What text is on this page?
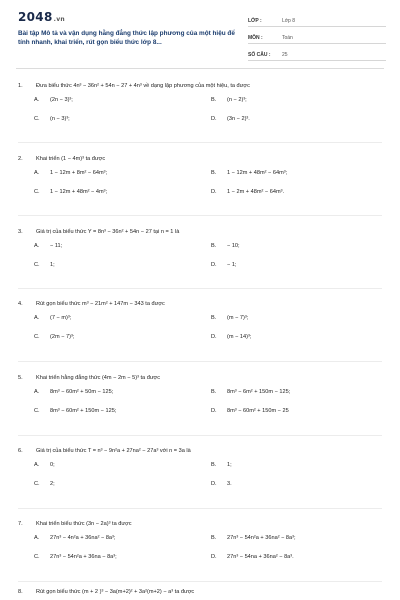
2048.vn
Bài tập Mô tả và vận dụng hằng đẳng thức lập phương của một hiệu để tính nhanh, khai triển, rút gọn biểu thức lớp 8...
LỚP :	Lớp 8
MÔN :	Toán
SỐ CÂU :	25
1.	Đưa biểu thức 4n³ − 36n² + 54n − 27 + 4n³ về dạng lập phương của một hiệu, ta được
A.	(2n − 3)³;	B.	(n − 2)³;
C.	(n − 3)³;	D.	(3n − 2)³.
2.	Khai triển (1 − 4m)³ ta được
A.	1 − 12m + 8m² − 64m³;	B.	1 − 12m + 48m² − 64m³;
C.	1 − 12m + 48m² − 4m³;	D.	1 − 2m + 48m² − 64m³.
3.	Giá trị của biểu thức Y = 8n³ − 36n² + 54n − 27 tại n = 1 là
A.	− 11;	B.	− 10;
C.	1;	D.	− 1;
4.	Rút gọn biểu thức m³ − 21m² + 147m − 343 ta được
A.	(7 − m)³;	B.	(m − 7)³;
C.	(2m − 7)³;	D.	(m − 14)³;
5.	Khai triển hằng đẳng thức (4m − 2m − 5)³ ta được
A.	8m³ − 60m² + 50m − 125;	B.	8m³ − 6m² + 150m − 125;
C.	8m³ − 60m² + 150m − 125;	D.	8m³ − 60m² + 150m − 25
6.	Giá trị của biểu thức T = n³ − 9n²a + 27na² − 27a³ với n = 3a là
A.	0;	B.	1;
C.	2;	D.	3.
7.	Khai triển biểu thức (3n − 2a)³ ta được
A.	27n³ − 4n²a + 36na² − 8a³;	B.	27n³ − 54n²a + 36na² − 8a³;
C.	27n³ − 54n²a + 36na − 8a³;	D.	27n³ − 54na + 36na² − 8a³.
8.	Rút gọn biểu thức (m + 2 )³ − 3a(m+2)² + 3a²(m+2) − a³ ta được
